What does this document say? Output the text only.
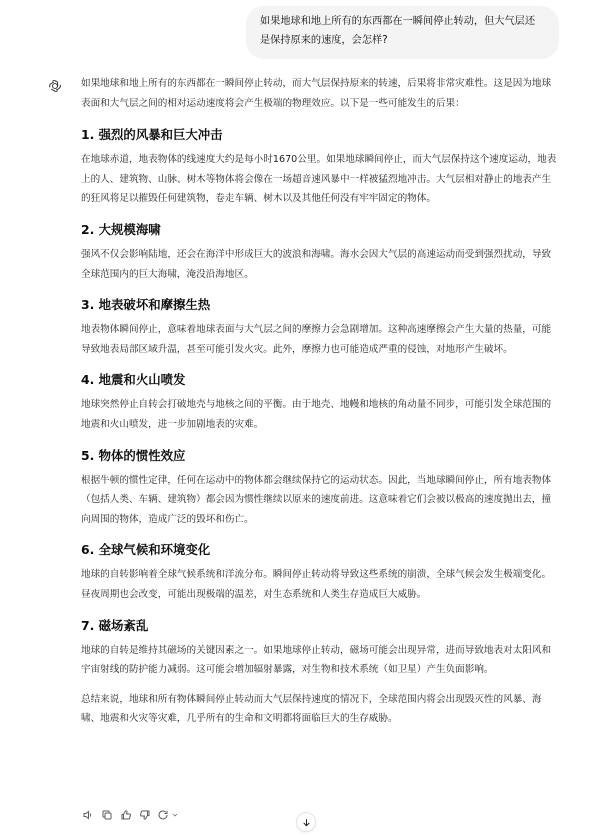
如果地球和地上所有的东西都在一瞬间停止转动，但大气层还是保持原来的速度，会怎样?

如果地球和地上所有的东西都在一瞬间停止转动，而大气层保持原来的转速，后果将非常灾难性。这是因为地球表面和大气层之间的相对运动速度将会产生极端的物理效应。以下是一些可能发生的后果：

1. 强烈的风暴和巨大冲击

在地球赤道，地表物体的线速度大约是每小时1670公里。如果地球瞬间停止，而大气层保持这个速度运动，地表上的人、建筑物、山脉、树木等物体将会像在一场超音速风暴中一样被猛烈地冲击。大气层相对静止的地表产生的狂风将足以摧毁任何建筑物，卷走车辆、树木以及其他任何没有牢牢固定的物体。

2. 大规模海啸

强风不仅会影响陆地，还会在海洋中形成巨大的波浪和海啸。海水会因大气层的高速运动而受到强烈扰动，导致全球范围内的巨大海啸，淹没沿海地区。

3. 地表破坏和摩擦生热

地表物体瞬间停止，意味着地球表面与大气层之间的摩擦力会急剧增加。这种高速摩擦会产生大量的热量，可能导致地表局部区域升温，甚至可能引发火灾。此外，摩擦力也可能造成严重的侵蚀，对地形产生破坏。

4. 地震和火山喷发

地球突然停止自转会打破地壳与地核之间的平衡。由于地壳、地幔和地核的角动量不同步，可能引发全球范围的地震和火山喷发，进一步加剧地表的灾难。

5. 物体的惯性效应

根据牛顿的惯性定律，任何在运动中的物体都会继续保持它的运动状态。因此，当地球瞬间停止，所有地表物体（包括人类、车辆、建筑物）都会因为惯性继续以原来的速度前进。这意味着它们会被以极高的速度抛出去，撞向周围的物体，造成广泛的毁坏和伤亡。

6. 全球气候和环境变化

地球的自转影响着全球气候系统和洋流分布。瞬间停止转动将导致这些系统的崩溃，全球气候会发生极端变化。昼夜周期也会改变，可能出现极端的温差，对生态系统和人类生存造成巨大威胁。

7. 磁场紊乱

地球的自转是维持其磁场的关键因素之一。如果地球停止转动，磁场可能会出现异常，进而导致地表对太阳风和宇宙射线的防护能力减弱。这可能会增加辐射暴露，对生物和技术系统（如卫星）产生负面影响。

总结来说，地球和所有物体瞬间停止转动而大气层保持速度的情况下，全球范围内将会出现毁灭性的风暴、海啸、地震和火灾等灾难，几乎所有的生命和文明都将面临巨大的生存威胁。
